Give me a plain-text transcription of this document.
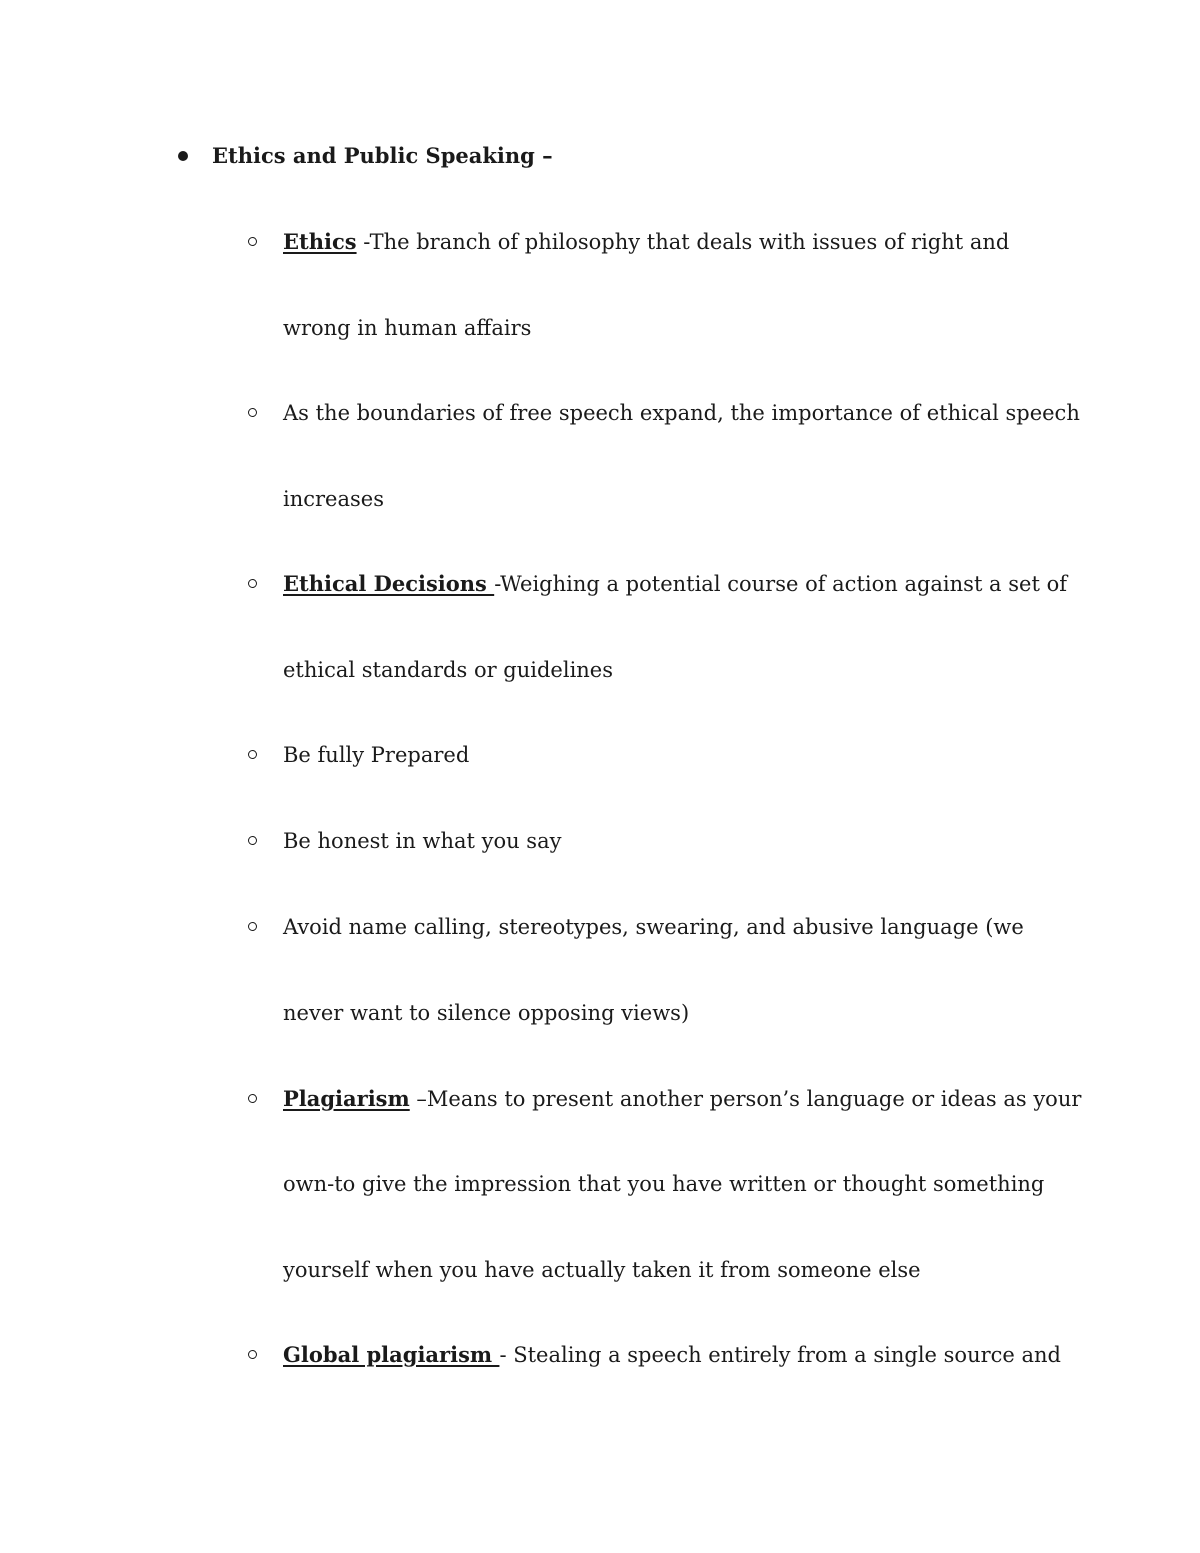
Ethics and Public Speaking –
Ethics -The branch of philosophy that deals with issues of right and
wrong in human affairs
As the boundaries of free speech expand, the importance of ethical speech
increases
Ethical Decisions -Weighing a potential course of action against a set of
ethical standards or guidelines
Be fully Prepared
Be honest in what you say
Avoid name calling, stereotypes, swearing, and abusive language (we
never want to silence opposing views)
Plagiarism –Means to present another person’s language or ideas as your
own-to give the impression that you have written or thought something
yourself when you have actually taken it from someone else
Global plagiarism - Stealing a speech entirely from a single source and
